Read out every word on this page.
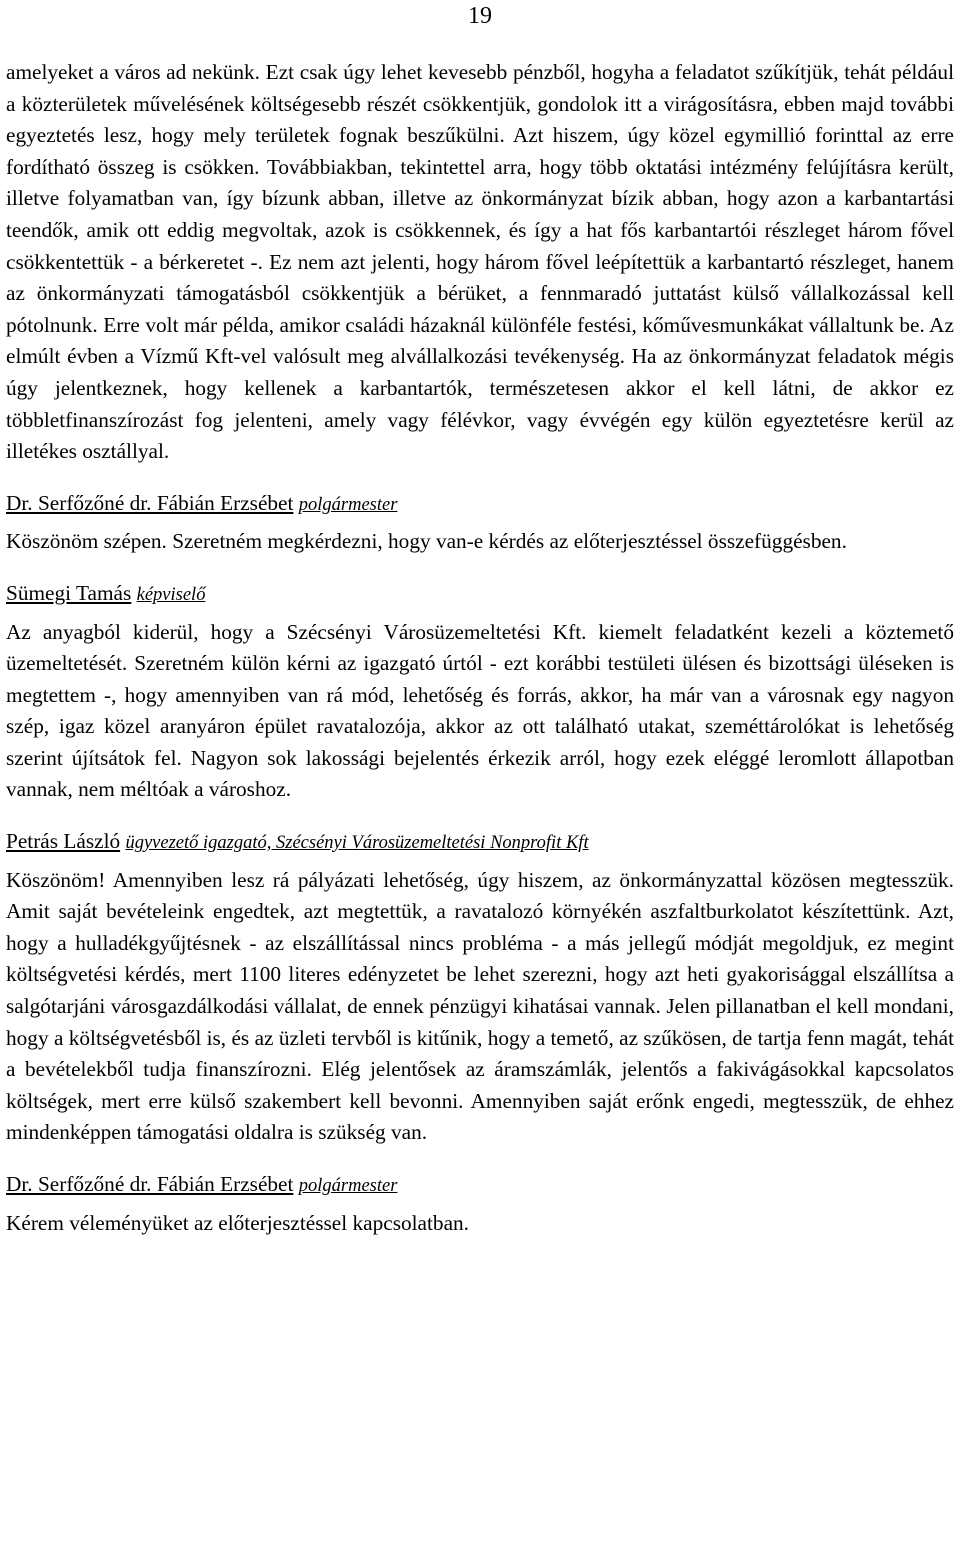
19

amelyeket a város ad nekünk. Ezt csak úgy lehet kevesebb pénzből, hogyha a feladatot szűkítjük, tehát például a közterületek művelésének költségesebb részét csökkentjük, gondolok itt a virágosításra, ebben majd további egyeztetés lesz, hogy mely területek fognak beszűkülni. Azt hiszem, úgy közel egymillió forinttal az erre fordítható összeg is csökken. Továbbiakban, tekintettel arra, hogy több oktatási intézmény felújításra került, illetve folyamatban van, így bízunk abban, illetve az önkormányzat bízik abban, hogy azon a karbantartási teendők, amik ott eddig megvoltak, azok is csökkennek, és így a hat fős karbantartói részleget három fővel csökkentettük - a bérkeretet -. Ez nem azt jelenti, hogy három fővel leépítettük a karbantartó részleget, hanem az önkormányzati támogatásból csökkentjük a bérüket, a fennmaradó juttatást külső vállalkozással kell pótolnunk. Erre volt már példa, amikor családi házaknál különféle festési, kőművesmunkákat vállaltunk be. Az elmúlt évben a Vízmű Kft-vel valósult meg alvállalkozási tevékenység. Ha az önkormányzat feladatok mégis úgy jelentkeznek, hogy kellenek a karbantartók, természetesen akkor el kell látni, de akkor ez többletfinanszírozást fog jelenteni, amely vagy félévkor, vagy évvégén egy külön egyeztetésre kerül az illetékes osztállyal.

Dr. Serfőzőné dr. Fábián Erzsébet polgármester

Köszönöm szépen. Szeretném megkérdezni, hogy van-e kérdés az előterjesztéssel összefüggésben.

Sümegi Tamás képviselő

Az anyagból kiderül, hogy a Szécsényi Városüzemeltetési Kft. kiemelt feladatként kezeli a köztemető üzemeltetését. Szeretném külön kérni az igazgató úrtól - ezt korábbi testületi ülésen és bizottsági üléseken is megtettem -, hogy amennyiben van rá mód, lehetőség és forrás, akkor, ha már van a városnak egy nagyon szép, igaz közel aranyáron épület ravatalozója, akkor az ott található utakat, szeméttárolókat is lehetőség szerint újítsátok fel. Nagyon sok lakossági bejelentés érkezik arról, hogy ezek eléggé leromlott állapotban vannak, nem méltóak a városhoz.

Petrás László ügyvezető igazgató, Szécsényi Városüzemeltetési Nonprofit Kft

Köszönöm! Amennyiben lesz rá pályázati lehetőség, úgy hiszem, az önkormányzattal közösen megtesszük. Amit saját bevételeink engedtek, azt megtettük, a ravatalozó környékén aszfaltburkolatot készítettünk. Azt, hogy a hulladékgyűjtésnek - az elszállítással nincs probléma - a más jellegű módját megoldjuk, ez megint költségvetési kérdés, mert 1100 literes edényzetet be lehet szerezni, hogy azt heti gyakorisággal elszállítsa a salgótarjáni városgazdálkodási vállalat, de ennek pénzügyi kihatásai vannak. Jelen pillanatban el kell mondani, hogy a költségvetésből is, és az üzleti tervből is kitűnik, hogy a temető, az szűkösen, de tartja fenn magát, tehát a bevételekből tudja finanszírozni. Elég jelentősek az áramszámlák, jelentős a fakivágásokkal kapcsolatos költségek, mert erre külső szakembert kell bevonni. Amennyiben saját erőnk engedi, megtesszük, de ehhez mindenképpen támogatási oldalra is szükség van.

Dr. Serfőzőné dr. Fábián Erzsébet polgármester

Kérem véleményüket az előterjesztéssel kapcsolatban.
